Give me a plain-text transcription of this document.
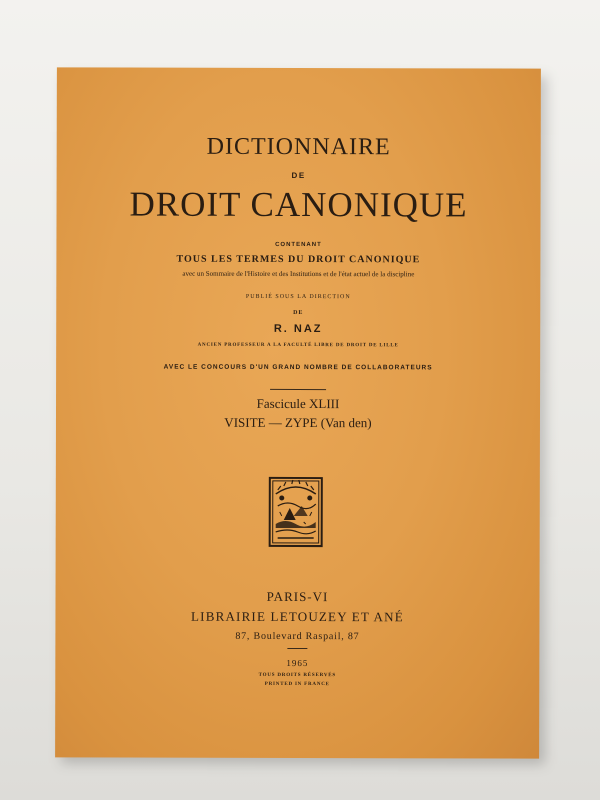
DICTIONNAIRE
DE
DROIT CANONIQUE
CONTENANT
TOUS LES TERMES DU DROIT CANONIQUE
avec un Sommaire de l'Histoire et des Institutions et de l'état actuel de la discipline
PUBLIÉ SOUS LA DIRECTION
DE
R. NAZ
ANCIEN PROFESSEUR A LA FACULTÉ LIBRE DE DROIT DE LILLE
AVEC LE CONCOURS D'UN GRAND NOMBRE DE COLLABORATEURS
Fascicule XLIII
VISITE — ZYPE (Van den)
PARIS-VI
LIBRAIRIE LETOUZEY ET ANÉ
87, Boulevard Raspail, 87
1965
TOUS DROITS RÉSERVÉS
PRINTED IN FRANCE
